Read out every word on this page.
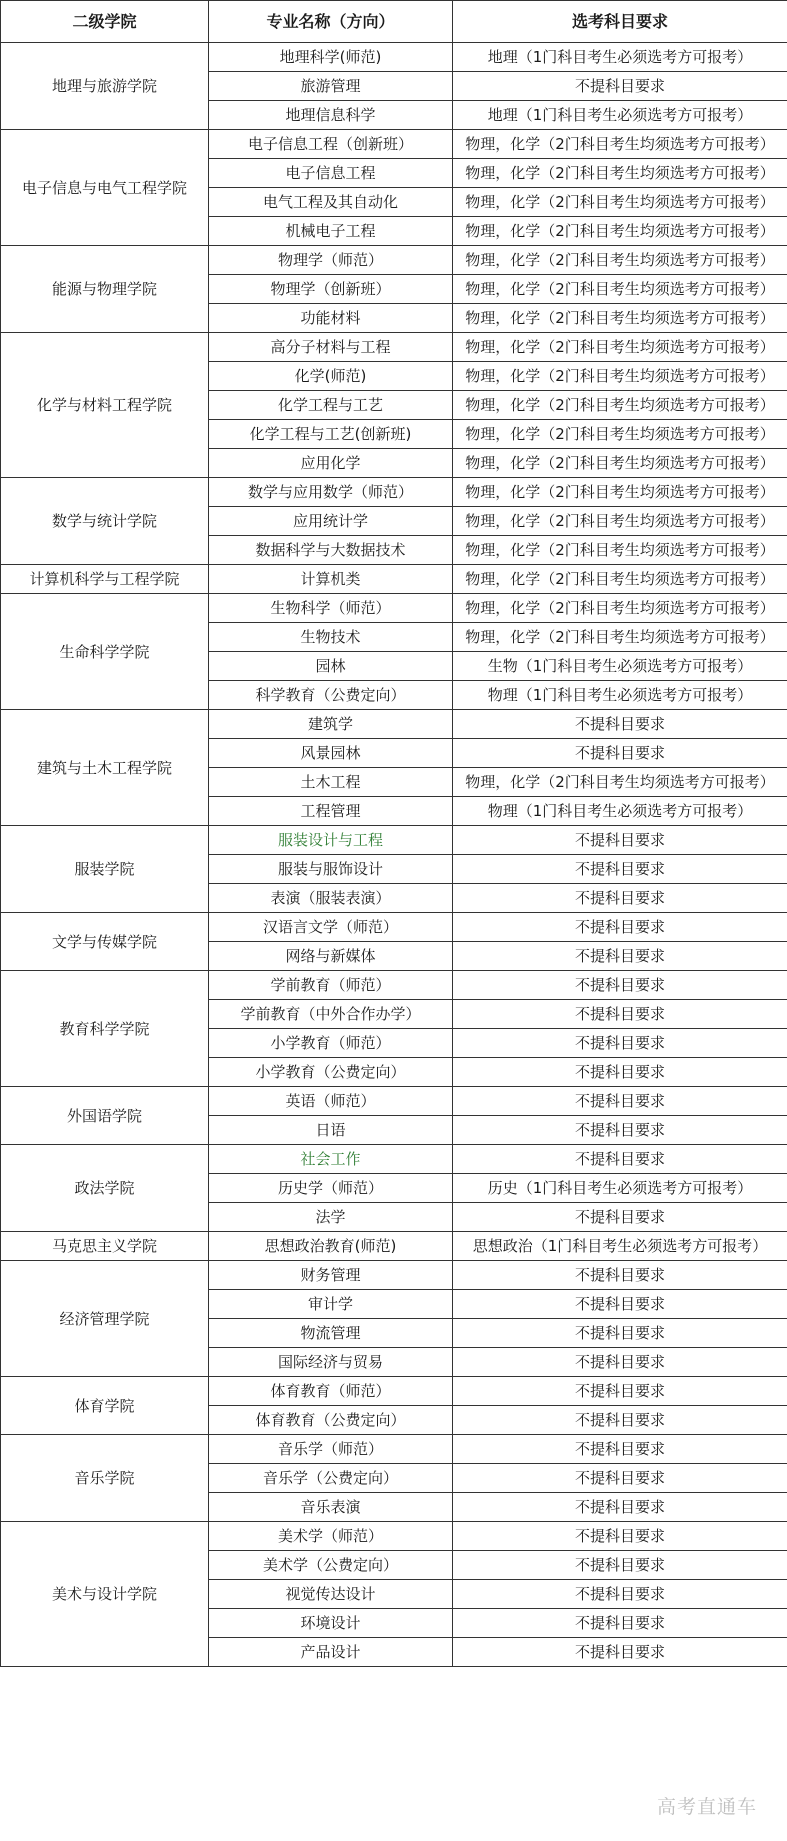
二级学院	专业名称（方向）	选考科目要求
地理与旅游学院	地理科学(师范)	地理（1门科目考生必须选考方可报考）
	旅游管理	不提科目要求
	地理信息科学	地理（1门科目考生必须选考方可报考）
电子信息与电气工程学院	电子信息工程（创新班）	物理，化学（2门科目考生均须选考方可报考）
	电子信息工程	物理，化学（2门科目考生均须选考方可报考）
	电气工程及其自动化	物理，化学（2门科目考生均须选考方可报考）
	机械电子工程	物理，化学（2门科目考生均须选考方可报考）
能源与物理学院	物理学（师范）	物理，化学（2门科目考生均须选考方可报考）
	物理学（创新班）	物理，化学（2门科目考生均须选考方可报考）
	功能材料	物理，化学（2门科目考生均须选考方可报考）
化学与材料工程学院	高分子材料与工程	物理，化学（2门科目考生均须选考方可报考）
	化学(师范)	物理，化学（2门科目考生均须选考方可报考）
	化学工程与工艺	物理，化学（2门科目考生均须选考方可报考）
	化学工程与工艺(创新班)	物理，化学（2门科目考生均须选考方可报考）
	应用化学	物理，化学（2门科目考生均须选考方可报考）
数学与统计学院	数学与应用数学（师范）	物理，化学（2门科目考生均须选考方可报考）
	应用统计学	物理，化学（2门科目考生均须选考方可报考）
	数据科学与大数据技术	物理，化学（2门科目考生均须选考方可报考）
计算机科学与工程学院	计算机类	物理，化学（2门科目考生均须选考方可报考）
生命科学学院	生物科学（师范）	物理，化学（2门科目考生均须选考方可报考）
	生物技术	物理，化学（2门科目考生均须选考方可报考）
	园林	生物（1门科目考生必须选考方可报考）
	科学教育（公费定向）	物理（1门科目考生必须选考方可报考）
建筑与土木工程学院	建筑学	不提科目要求
	风景园林	不提科目要求
	土木工程	物理，化学（2门科目考生均须选考方可报考）
	工程管理	物理（1门科目考生必须选考方可报考）
服装学院	服装设计与工程	不提科目要求
	服装与服饰设计	不提科目要求
	表演（服装表演）	不提科目要求
文学与传媒学院	汉语言文学（师范）	不提科目要求
	网络与新媒体	不提科目要求
教育科学学院	学前教育（师范）	不提科目要求
	学前教育（中外合作办学）	不提科目要求
	小学教育（师范）	不提科目要求
	小学教育（公费定向）	不提科目要求
外国语学院	英语（师范）	不提科目要求
	日语	不提科目要求
政法学院	社会工作	不提科目要求
	历史学（师范）	历史（1门科目考生必须选考方可报考）
	法学	不提科目要求
马克思主义学院	思想政治教育(师范)	思想政治（1门科目考生必须选考方可报考）
经济管理学院	财务管理	不提科目要求
	审计学	不提科目要求
	物流管理	不提科目要求
	国际经济与贸易	不提科目要求
体育学院	体育教育（师范）	不提科目要求
	体育教育（公费定向）	不提科目要求
音乐学院	音乐学（师范）	不提科目要求
	音乐学（公费定向）	不提科目要求
	音乐表演	不提科目要求
美术与设计学院	美术学（师范）	不提科目要求
	美术学（公费定向）	不提科目要求
	视觉传达设计	不提科目要求
	环境设计	不提科目要求
	产品设计	不提科目要求
高考直通车
